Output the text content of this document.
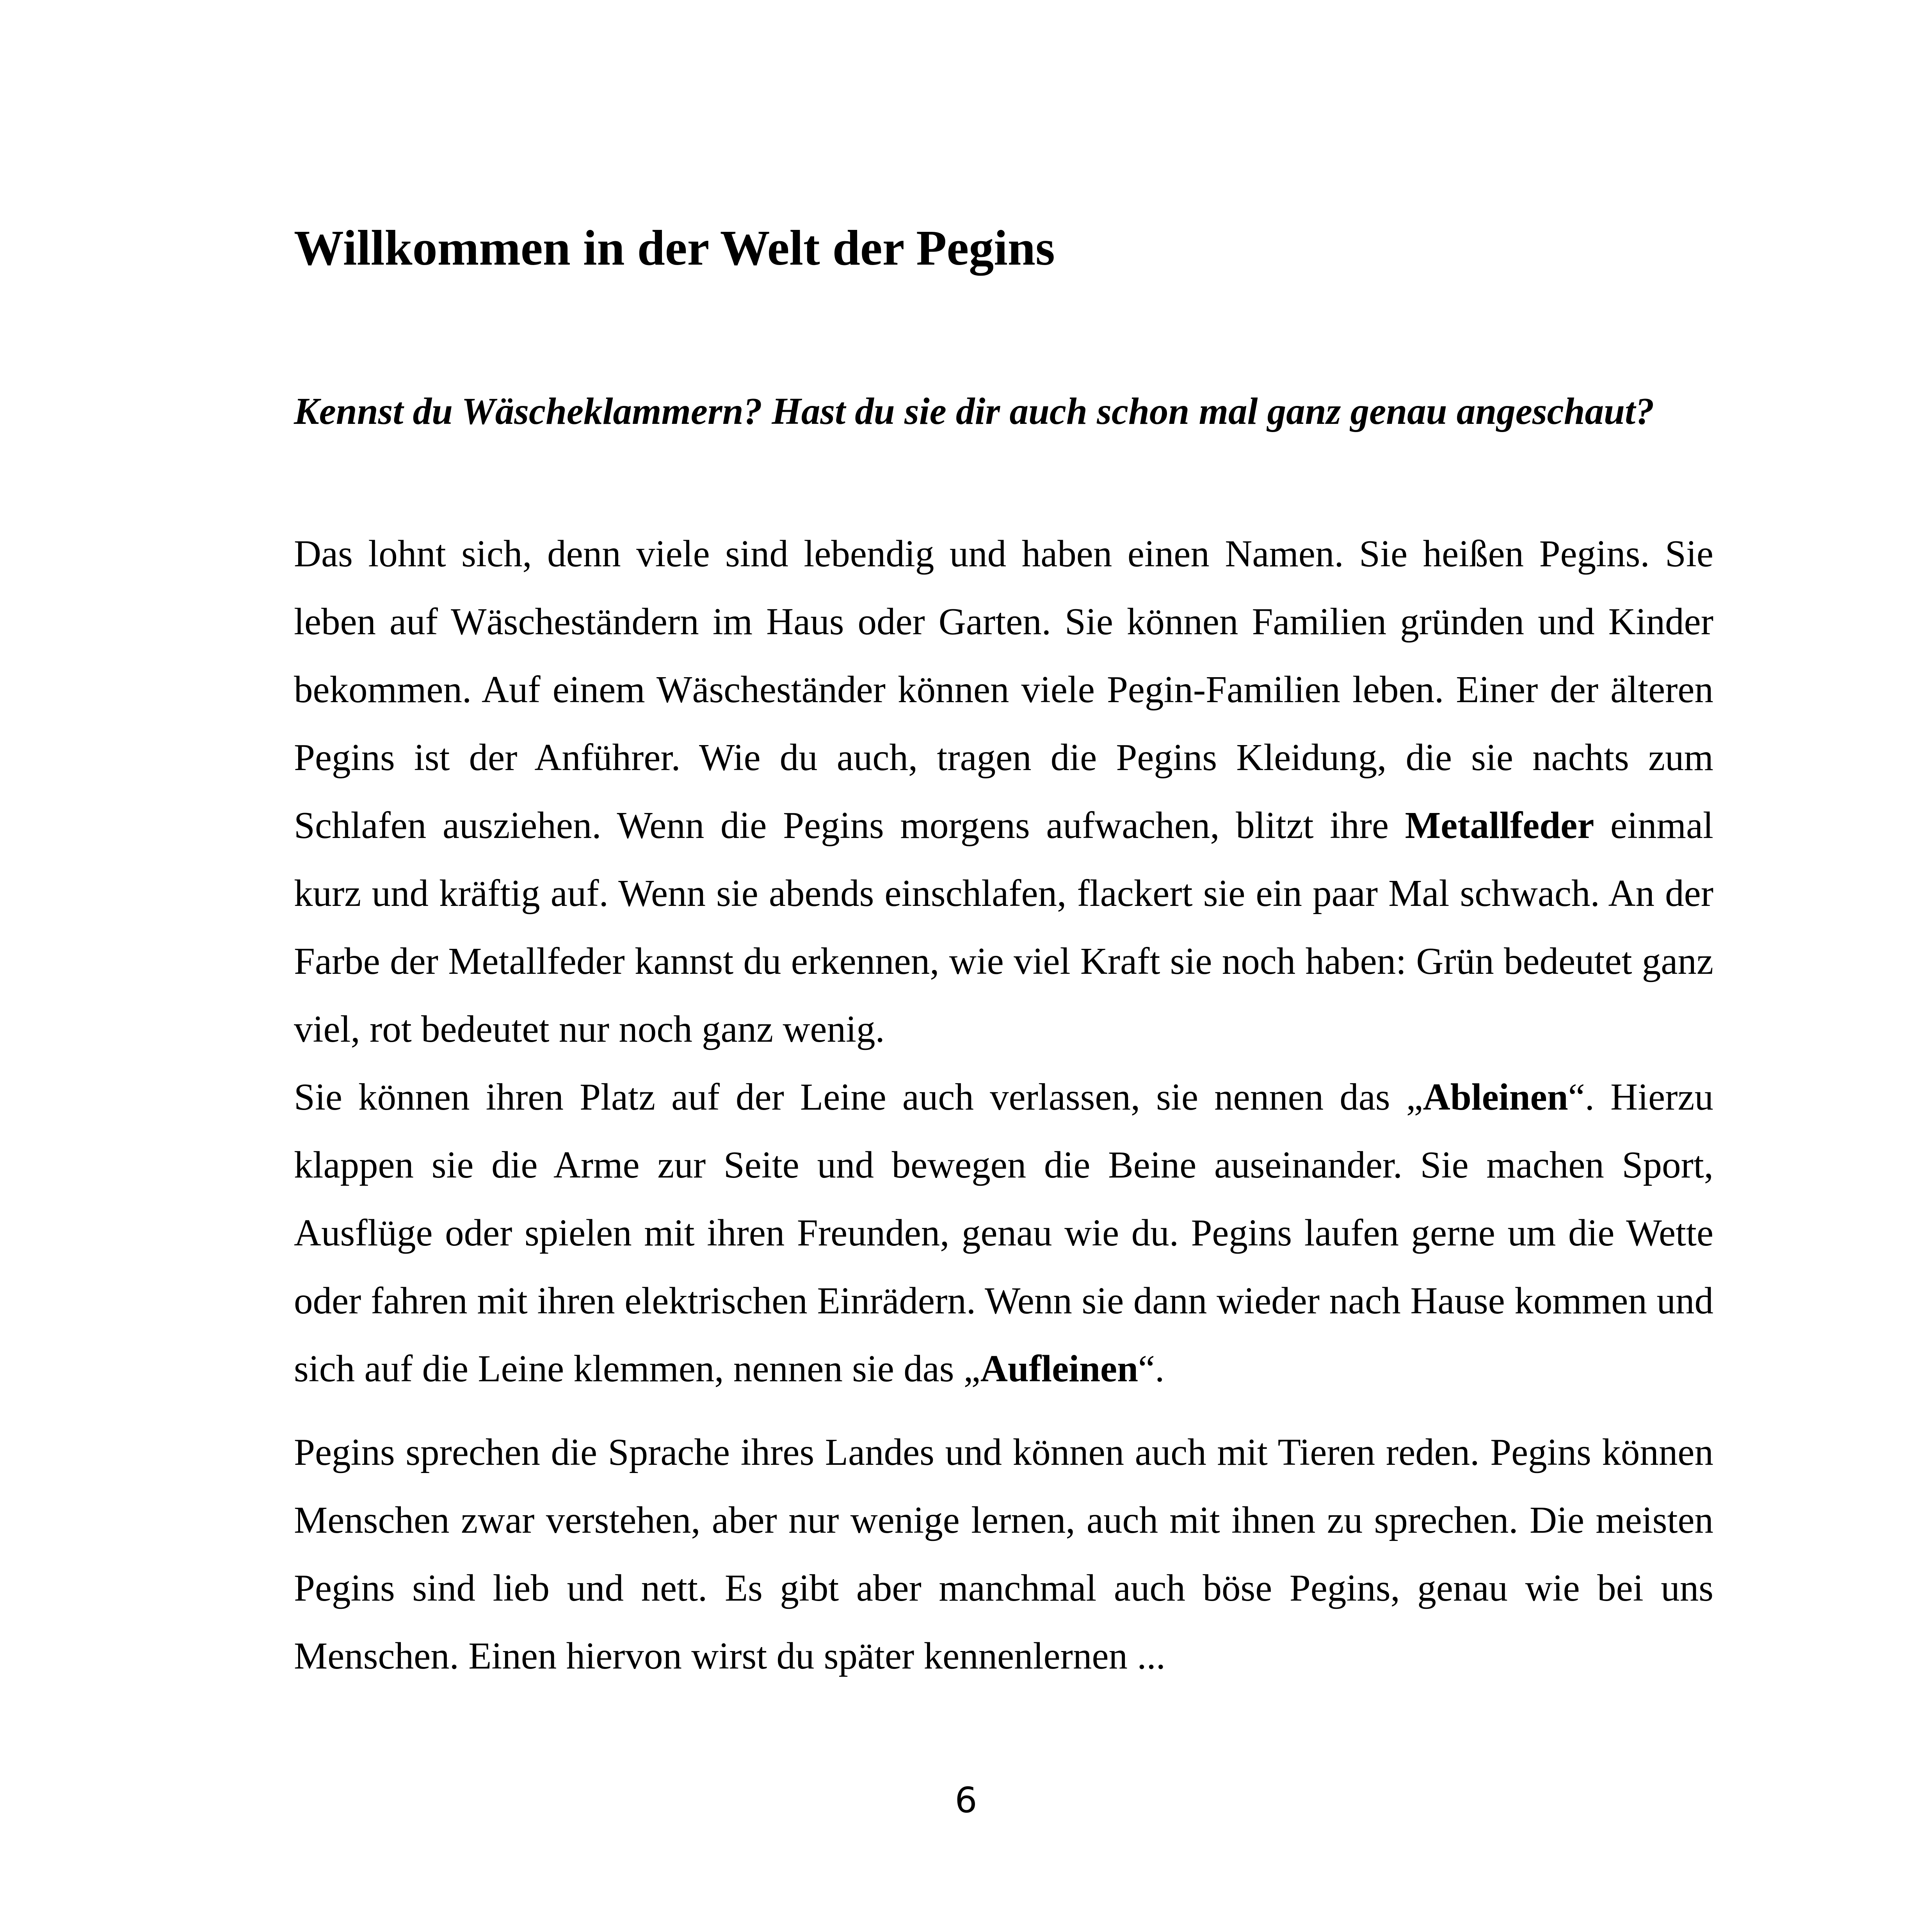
Willkommen in der Welt der Pegins

Kennst du Wäscheklammern? Hast du sie dir auch schon mal ganz genau angeschaut?

Das lohnt sich, denn viele sind lebendig und haben einen Namen. Sie heißen Pegins. Sie leben auf Wäscheständern im Haus oder Garten. Sie können Familien gründen und Kinder bekommen. Auf einem Wäscheständer können viele Pegin-Familien leben. Einer der älteren Pegins ist der Anführer. Wie du auch, tragen die Pegins Kleidung, die sie nachts zum Schlafen ausziehen. Wenn die Pegins morgens aufwachen, blitzt ihre Metallfeder einmal kurz und kräftig auf. Wenn sie abends einschlafen, flackert sie ein paar Mal schwach. An der Farbe der Metallfeder kannst du erkennen, wie viel Kraft sie noch haben: Grün bedeutet ganz viel, rot bedeutet nur noch ganz wenig.

Sie können ihren Platz auf der Leine auch verlassen, sie nennen das „Ableinen“. Hierzu klappen sie die Arme zur Seite und bewegen die Beine auseinander. Sie machen Sport, Ausflüge oder spielen mit ihren Freunden, genau wie du. Pegins laufen gerne um die Wette oder fahren mit ihren elektrischen Einrädern. Wenn sie dann wieder nach Hause kommen und sich auf die Leine klemmen, nennen sie das „Aufleinen“.

Pegins sprechen die Sprache ihres Landes und können auch mit Tieren reden. Pegins können Menschen zwar verstehen, aber nur wenige lernen, auch mit ihnen zu sprechen. Die meisten Pegins sind lieb und nett. Es gibt aber manchmal auch böse Pegins, genau wie bei uns Menschen. Einen hiervon wirst du später kennenlernen ...

6
